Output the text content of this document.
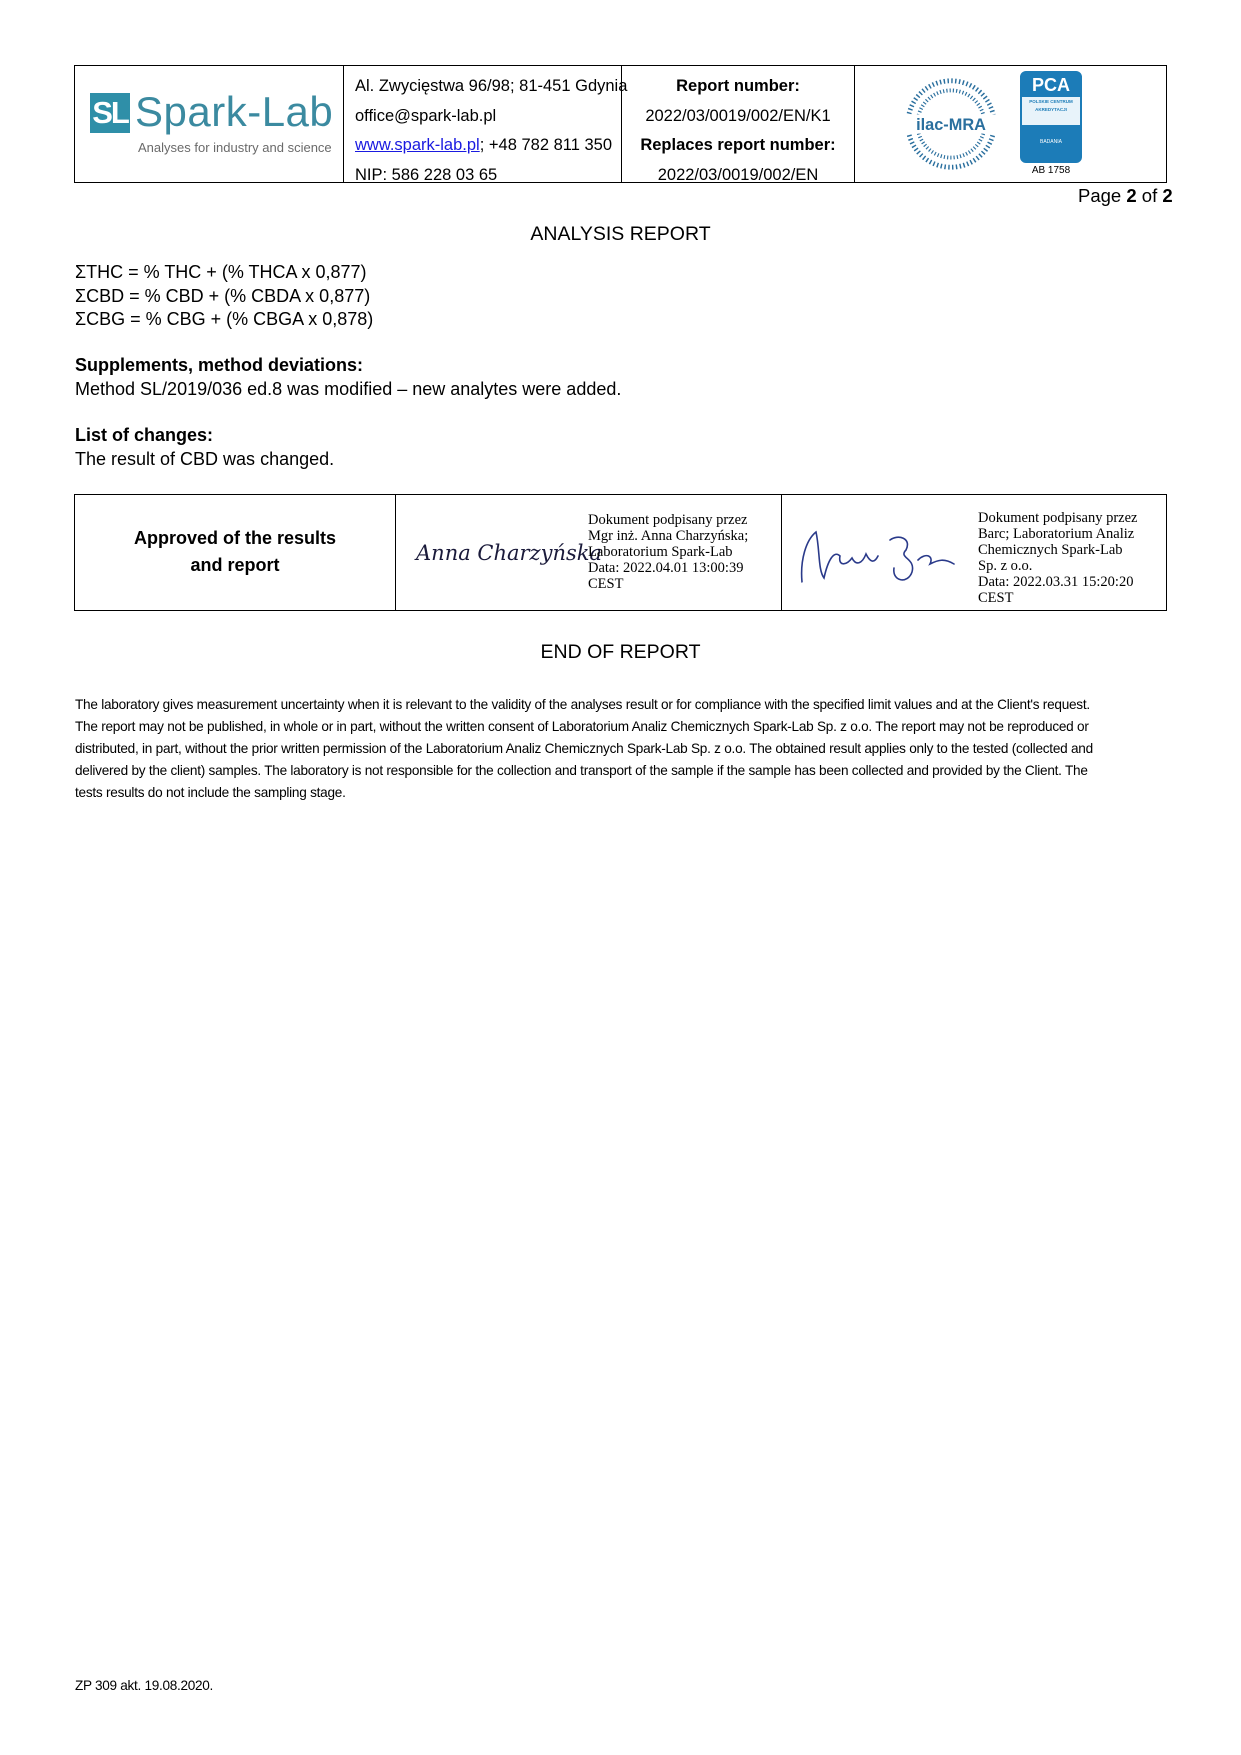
SL Spark-Lab
Analyses for industry and science
Al. Zwycięstwa 96/98; 81-451 Gdynia
office@spark-lab.pl
www.spark-lab.pl; +48 782 811 350
NIP: 586 228 03 65
Report number:
2022/03/0019/002/EN/K1
Replaces report number:
2022/03/0019/002/EN
ilac-MRA
PCA
POLSKIE CENTRUM
AKREDYTACJI
BADANIA
AB 1758
Page 2 of 2
ANALYSIS REPORT
ΣTHC = % THC + (% THCA x 0,877)
ΣCBD = % CBD + (% CBDA x 0,877)
ΣCBG = % CBG + (% CBGA x 0,878)
Supplements, method deviations:
Method SL/2019/036 ed.8 was modified – new analytes were added.
List of changes:
The result of CBD was changed.
Approved of the results
and report	Anna Charzyńska
Dokument podpisany przez
Mgr inż. Anna Charzyńska;
Laboratorium Spark-Lab
Data: 2022.04.01 13:00:39
CEST	Maciej Barc
Dokument podpisany przez
Barc; Laboratorium Analiz
Chemicznych Spark-Lab
Sp. z o.o.
Data: 2022.03.31 15:20:20
CEST
END OF REPORT
The laboratory gives measurement uncertainty when it is relevant to the validity of the analyses result or for compliance with the specified limit values and at the Client's request.
The report may not be published, in whole or in part, without the written consent of Laboratorium Analiz Chemicznych Spark-Lab Sp. z o.o. The report may not be reproduced or
distributed, in part, without the prior written permission of the Laboratorium Analiz Chemicznych Spark-Lab Sp. z o.o. The obtained result applies only to the tested (collected and
delivered by the client) samples. The laboratory is not responsible for the collection and transport of the sample if the sample has been collected and provided by the Client. The
tests results do not include the sampling stage.
ZP 309 akt. 19.08.2020.
